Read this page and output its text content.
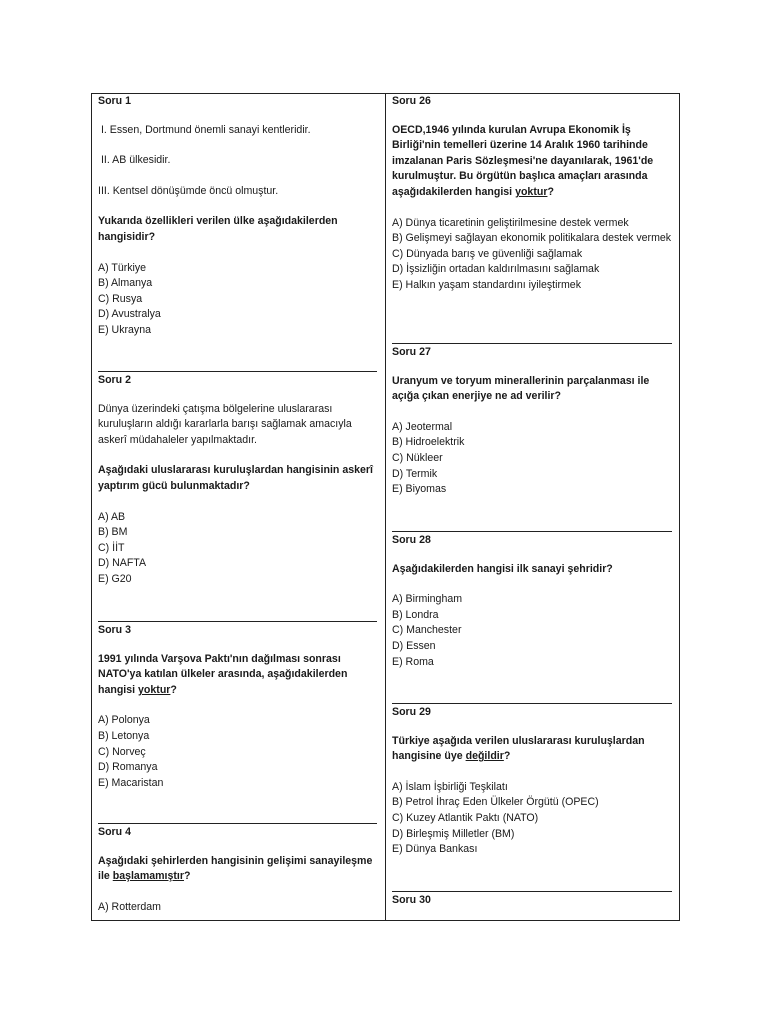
Soru 1

I. Essen, Dortmund önemli sanayi kentleridir.

II. AB ülkesidir.

III. Kentsel dönüşümde öncü olmuştur.

Yukarıda özellikleri verilen ülke aşağıdakilerden hangisidir?

A) Türkiye
B) Almanya
C) Rusya
D) Avustralya
E) Ukrayna
Soru 2

Dünya üzerindeki çatışma bölgelerine uluslararası kuruluşların aldığı kararlarla barışı sağlamak amacıyla askerî müdahaleler yapılmaktadır.

Aşağıdaki uluslararası kuruluşlardan hangisinin askerî yaptırım gücü bulunmaktadır?

A) AB
B) BM
C) İİT
D) NAFTA
E) G20
Soru 3

1991 yılında Varşova Paktı'nın dağılması sonrası NATO'ya katılan ülkeler arasında, aşağıdakilerden hangisi yoktur?

A) Polonya
B) Letonya
C) Norveç
D) Romanya
E) Macaristan
Soru 4

Aşağıdaki şehirlerden hangisinin gelişimi sanayileşme ile başlamamıştır?

A) Rotterdam
Soru 26

OECD,1946 yılında kurulan Avrupa Ekonomik İş Birliği'nin temelleri üzerine 14 Aralık 1960 tarihinde imzalanan Paris Sözleşmesi'ne dayanılarak, 1961'de kurulmuştur. Bu örgütün başlıca amaçları arasında aşağıdakilerden hangisi yoktur?

A) Dünya ticaretinin geliştirilmesine destek vermek
B) Gelişmeyi sağlayan ekonomik politikalara destek vermek
C) Dünyada barış ve güvenliği sağlamak
D) İşsizliğin ortadan kaldırılmasını sağlamak
E) Halkın yaşam standardını iyileştirmek
Soru 27

Uranyum ve toryum minerallerinin parçalanması ile açığa çıkan enerjiye ne ad verilir?

A) Jeotermal
B) Hidroelektrik
C) Nükleer
D) Termik
E) Biyomas
Soru 28

Aşağıdakilerden hangisi ilk sanayi şehridir?

A) Birmingham
B) Londra
C) Manchester
D) Essen
E) Roma
Soru 29

Türkiye aşağıda verilen uluslararası kuruluşlardan hangisine üye değildir?

A) İslam İşbirliği Teşkilatı
B) Petrol İhraç Eden Ülkeler Örgütü (OPEC)
C) Kuzey Atlantik Paktı (NATO)
D) Birleşmiş Milletler (BM)
E) Dünya Bankası
Soru 30
